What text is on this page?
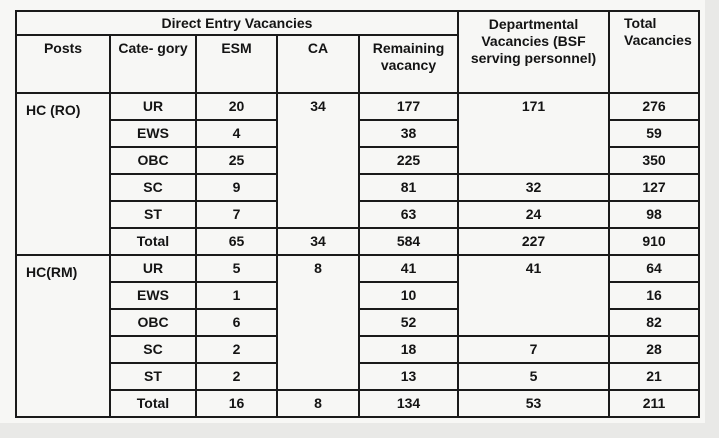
Direct Entry Vacancies					Departmental Vacancies (BSF serving personnel)	Total Vacancies
Posts	Cate- gory	ESM	CA	Remaining vacancy		
HC (RO)	UR	20	34	177	171	276
	EWS	4		38		59
	OBC	25		225		350
	SC	9		81	32	127
	ST	7		63	24	98
	Total	65	34	584	227	910
HC(RM)	UR	5	8	41	41	64
	EWS	1		10		16
	OBC	6		52		82
	SC	2		18	7	28
	ST	2		13	5	21
	Total	16	8	134	53	211
